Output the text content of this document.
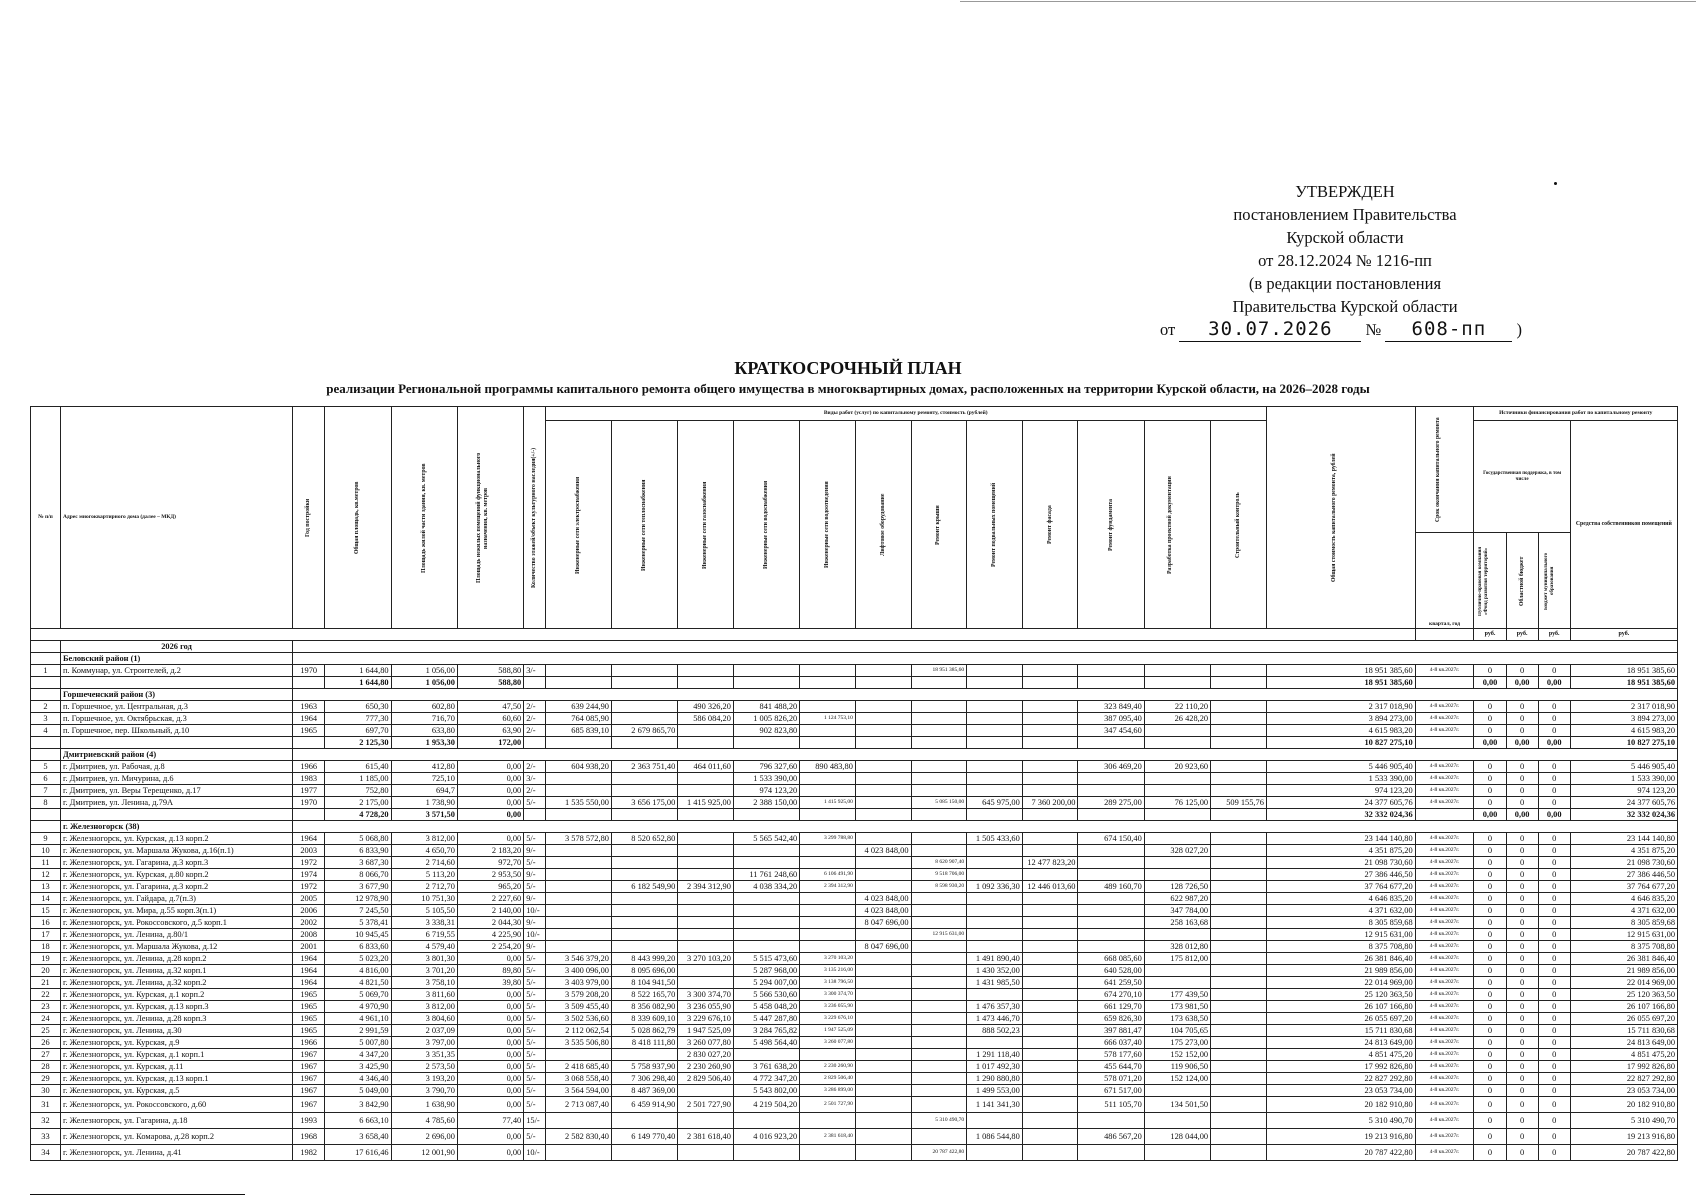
УТВЕРЖДЕН
постановлением Правительства
Курской области
от 28.12.2024 № 1216-пп
(в редакции постановления
Правительства Курской области
от 30.07.2026 № 608-пп )
КРАТКОСРОЧНЫЙ ПЛАН
реализации Региональной программы капитального ремонта общего имущества в многоквартирных домах, расположенных на территории Курской области, на 2026–2028 годы
№ п/п	Адрес многоквартирного дома (далее – МКД)	Год постройки	Общая площадь, кв.метров	Площадь жилой части здания, кв. метров	Площадь нежилых помещений функционального назначения, кв. метров	Количество этажей/объект культурного наследия(+/-)	Виды работ (услуг) по капитальному ремонту, стоимость (рублей)												Общая стоимость капитального ремонта, рублей	Срок окончания капитального ремонта	Источники финансирования работ по капитальному ремонту			

							Инженерные сети электроснабжения	Инженерные сети теплоснабжения	Инженерные сети газоснабжения	Инженерные сети водоснабжения	Инженерные сети водоотведения	Лифтовое оборудование	Ремонт крыши	Ремонт подвальных помещений	Ремонт фасада	Ремонт фундамента	Разработка проектной документации	Строительный контроль			Государственная поддержка, в том числе			Средства собственников помещений
																				квартал, год	Публично-правовая компания «Фонд развития территорий»	Областной бюджет	Бюджет муниципального образования	

																					руб.	руб.	руб.	руб.
	2026 год																							
	Беловский район (1)																							
1	п. Коммунар, ул. Строителей, д.2	1970	1 644,80	1 056,00	588,80	3/-							18 951 385,60						18 951 385,60	4-й кв.2027г.	0	0	0	18 951 385,60
			1 644,80	1 056,00	588,80														18 951 385,60		0,00	0,00	0,00	18 951 385,60
	Горшеченский район (3)																							
2	п. Горшечное, ул. Центральная, д.3	1963	650,30	602,80	47,50	2/-	639 244,90		490 326,20	841 488,20						323 849,40	22 110,20		2 317 018,90	4-й кв.2027г.	0	0	0	2 317 018,90
3	п. Горшечное, ул. Октябрьская, д.3	1964	777,30	716,70	60,60	2/-	764 085,90		586 084,20	1 005 826,20	1 124 753,10					387 095,40	26 428,20		3 894 273,00	4-й кв.2027г.	0	0	0	3 894 273,00
4	п. Горшечное, пер. Школьный, д.10	1965	697,70	633,80	63,90	2/-	685 839,10	2 679 865,70		902 823,80						347 454,60			4 615 983,20	4-й кв.2027г.	0	0	0	4 615 983,20
			2 125,30	1 953,30	172,00														10 827 275,10		0,00	0,00	0,00	10 827 275,10
	Дмитриевский район (4)																							
5	г. Дмитриев, ул. Рабочая, д.8	1966	615,40	412,80	0,00	2/-	604 938,20	2 363 751,40	464 011,60	796 327,60	890 483,80					306 469,20	20 923,60		5 446 905,40	4-й кв.2027г.	0	0	0	5 446 905,40
6	г. Дмитриев, ул. Мичурина, д.6	1983	1 185,00	725,10	0,00	3/-				1 533 390,00									1 533 390,00	4-й кв.2027г.	0	0	0	1 533 390,00
7	г. Дмитриев, ул. Веры Терещенко, д.17	1977	752,80	694,7	0,00	2/-				974 123,20									974 123,20	4-й кв.2027г.	0	0	0	974 123,20
8	г. Дмитриев, ул. Ленина, д.79А	1970	2 175,00	1 738,90	0,00	5/-	1 535 550,00	3 656 175,00	1 415 925,00	2 388 150,00	1 415 925,00		5 085 150,00	645 975,00	7 360 200,00	289 275,00	76 125,00	509 155,76	24 377 605,76	4-й кв.2027г.	0	0	0	24 377 605,76
			4 728,20	3 571,50	0,00														32 332 024,36		0,00	0,00	0,00	32 332 024,36
	г. Железногорск (38)																							
9	г. Железногорск, ул. Курская, д.13 корп.2	1964	5 068,80	3 812,00	0,00	5/-	3 578 572,80	8 520 652,80		5 565 542,40	3 299 788,80			1 505 433,60		674 150,40			23 144 140,80	4-й кв.2027г.	0	0	0	23 144 140,80
10	г. Железногорск, ул. Маршала Жукова, д.16(п.1)	2003	6 833,90	4 650,70	2 183,20	9/-						4 023 848,00					328 027,20		4 351 875,20	4-й кв.2027г.	0	0	0	4 351 875,20
11	г. Железногорск, ул. Гагарина, д.3 корп.3	1972	3 687,30	2 714,60	972,70	5/-							8 620 907,40		12 477 823,20				21 098 730,60	4-й кв.2027г.	0	0	0	21 098 730,60
12	г. Железногорск, ул. Курская, д.80 корп.2	1974	8 066,70	5 113,20	2 953,50	9/-				11 761 248,60	6 106 491,90		9 518 706,00						27 386 446,50	4-й кв.2027г.	0	0	0	27 386 446,50
13	г. Железногорск, ул. Гагарина, д.3 корп.2	1972	3 677,90	2 712,70	965,20	5/-		6 182 549,90	2 394 312,90	4 038 334,20	2 394 312,90		8 598 930,20	1 092 336,30	12 446 013,60	489 160,70	128 726,50		37 764 677,20	4-й кв.2027г.	0	0	0	37 764 677,20
14	г. Железногорск, ул. Гайдара, д.7(п.3)	2005	12 978,90	10 751,30	2 227,60	9/-						4 023 848,00					622 987,20		4 646 835,20	4-й кв.2027г.	0	0	0	4 646 835,20
15	г. Железногорск, ул. Мира, д.55 корп.3(п.1)	2006	7 245,50	5 105,50	2 140,00	10/-						4 023 848,00					347 784,00		4 371 632,00	4-й кв.2027г.	0	0	0	4 371 632,00
16	г. Железногорск, ул. Рокоссовского, д.5 корп.1	2002	5 378,41	3 338,31	2 044,30	9/-						8 047 696,00					258 163,68		8 305 859,68	4-й кв.2027г.	0	0	0	8 305 859,68
17	г. Железногорск, ул. Ленина, д.80/1	2008	10 945,45	6 719,55	4 225,90	10/-							12 915 631,00						12 915 631,00	4-й кв.2027г.	0	0	0	12 915 631,00
18	г. Железногорск, ул. Маршала Жукова, д.12	2001	6 833,60	4 579,40	2 254,20	9/-						8 047 696,00					328 012,80		8 375 708,80	4-й кв.2027г.	0	0	0	8 375 708,80
19	г. Железногорск, ул. Ленина, д.28 корп.2	1964	5 023,20	3 801,30	0,00	5/-	3 546 379,20	8 443 999,20	3 270 103,20	5 515 473,60	3 270 103,20			1 491 890,40		668 085,60	175 812,00		26 381 846,40	4-й кв.2027г.	0	0	0	26 381 846,40
20	г. Железногорск, ул. Ленина, д.32 корп.1	1964	4 816,00	3 701,20	89,80	5/-	3 400 096,00	8 095 696,00		5 287 968,00	3 135 216,00			1 430 352,00		640 528,00			21 989 856,00	4-й кв.2027г.	0	0	0	21 989 856,00
21	г. Железногорск, ул. Ленина, д.32 корп.2	1964	4 821,50	3 758,10	39,80	5/-	3 403 979,00	8 104 941,50		5 294 007,00	3 138 796,50			1 431 985,50		641 259,50			22 014 969,00	4-й кв.2027г.	0	0	0	22 014 969,00
22	г. Железногорск, ул. Курская, д.1 корп.2	1965	5 069,70	3 811,60	0,00	5/-	3 579 208,20	8 522 165,70	3 300 374,70	5 566 530,60	3 300 374,70					674 270,10	177 439,50		25 120 363,50	4-й кв.2027г.	0	0	0	25 120 363,50
23	г. Железногорск, ул. Курская, д.13 корп.3	1965	4 970,90	3 812,00	0,00	5/-	3 509 455,40	8 356 082,90	3 236 055,90	5 458 048,20	3 236 055,90			1 476 357,30		661 129,70	173 981,50		26 107 166,80	4-й кв.2027г.	0	0	0	26 107 166,80
24	г. Железногорск, ул. Ленина, д.28 корп.3	1965	4 961,10	3 804,60	0,00	5/-	3 502 536,60	8 339 609,10	3 229 676,10	5 447 287,80	3 229 676,10			1 473 446,70		659 826,30	173 638,50		26 055 697,20	4-й кв.2027г.	0	0	0	26 055 697,20
25	г. Железногорск, ул. Ленина, д.30	1965	2 991,59	2 037,09	0,00	5/-	2 112 062,54	5 028 862,79	1 947 525,09	3 284 765,82	1 947 525,09			888 502,23		397 881,47	104 705,65		15 711 830,68	4-й кв.2027г.	0	0	0	15 711 830,68
26	г. Железногорск, ул. Курская, д.9	1966	5 007,80	3 797,00	0,00	5/-	3 535 506,80	8 418 111,80	3 260 077,80	5 498 564,40	3 260 077,80					666 037,40	175 273,00		24 813 649,00	4-й кв.2027г.	0	0	0	24 813 649,00
27	г. Железногорск, ул. Курская, д.1 корп.1	1967	4 347,20	3 351,35	0,00	5/-			2 830 027,20					1 291 118,40		578 177,60	152 152,00		4 851 475,20	4-й кв.2027г.	0	0	0	4 851 475,20
28	г. Железногорск, ул. Курская, д.11	1967	3 425,90	2 573,50	0,00	5/-	2 418 685,40	5 758 937,90	2 230 260,90	3 761 638,20	2 230 260,90			1 017 492,30		455 644,70	119 906,50		17 992 826,80	4-й кв.2027г.	0	0	0	17 992 826,80
29	г. Железногорск, ул. Курская, д.13 корп.1	1967	4 346,40	3 193,20	0,00	5/-	3 068 558,40	7 306 298,40	2 829 506,40	4 772 347,20	2 829 506,40			1 290 880,80		578 071,20	152 124,00		22 827 292,80	4-й кв.2027г.	0	0	0	22 827 292,80
30	г. Железногорск, ул. Курская, д.5	1967	5 049,00	3 790,70	0,00	5/-	3 564 594,00	8 487 369,00		5 543 802,00	3 286 899,00			1 499 553,00		671 517,00			23 053 734,00	4-й кв.2027г.	0	0	0	23 053 734,00
31	г. Железногорск, ул. Рокоссовского, д.60	1967	3 842,90	1 638,90	0,00	5/-	2 713 087,40	6 459 914,90	2 501 727,90	4 219 504,20	2 501 727,90			1 141 341,30		511 105,70	134 501,50		20 182 910,80	4-й кв.2027г.	0	0	0	20 182 910,80
32	г. Железногорск, ул. Гагарина, д.18	1993	6 663,10	4 785,60	77,40	15/-							5 310 490,70						5 310 490,70	4-й кв.2027г.	0	0	0	5 310 490,70
33	г. Железногорск, ул. Комарова, д.28 корп.2	1968	3 658,40	2 696,00	0,00	5/-	2 582 830,40	6 149 770,40	2 381 618,40	4 016 923,20	2 381 618,40			1 086 544,80		486 567,20	128 044,00		19 213 916,80	4-й кв.2027г.	0	0	0	19 213 916,80
34	г. Железногорск, ул. Ленина, д.41	1982	17 616,46	12 001,90	0,00	10/-							20 787 422,80						20 787 422,80	4-й кв.2027г.	0	0	0	20 787 422,80
